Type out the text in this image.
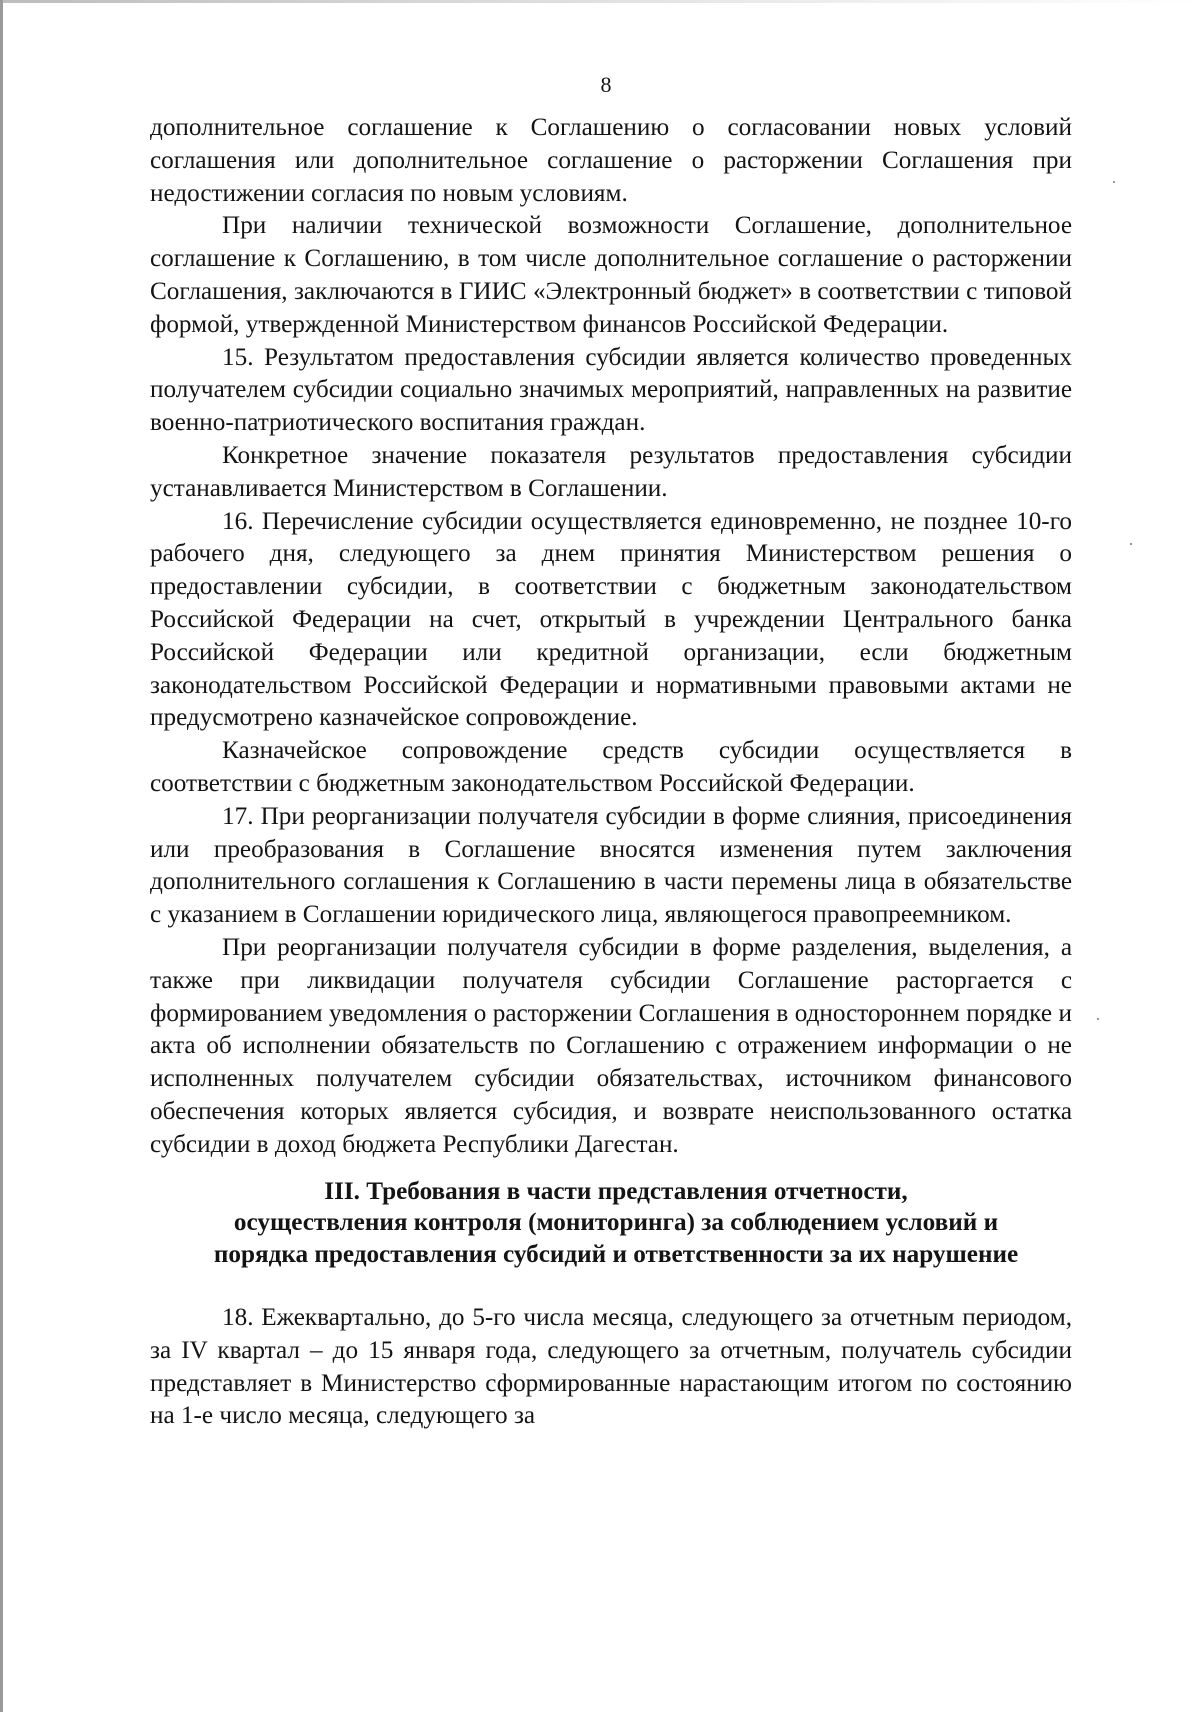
8

дополнительное соглашение к Соглашению о согласовании новых условий соглашения или дополнительное соглашение о расторжении Соглашения при недостижении согласия по новым условиям.

При наличии технической возможности Соглашение, дополнительное соглашение к Соглашению, в том числе дополнительное соглашение о расторжении Соглашения, заключаются в ГИИС «Электронный бюджет» в соответствии с типовой формой, утвержденной Министерством финансов Российской Федерации.

15. Результатом предоставления субсидии является количество проведенных получателем субсидии социально значимых мероприятий, направленных на развитие военно-патриотического воспитания граждан.

Конкретное значение показателя результатов предоставления субсидии устанавливается Министерством в Соглашении.

16. Перечисление субсидии осуществляется единовременно, не позднее 10-го рабочего дня, следующего за днем принятия Министерством решения о предоставлении субсидии, в соответствии с бюджетным законодательством Российской Федерации на счет, открытый в учреждении Центрального банка Российской Федерации или кредитной организации, если бюджетным законодательством Российской Федерации и нормативными правовыми актами не предусмотрено казначейское сопровождение.

Казначейское сопровождение средств субсидии осуществляется в соответствии с бюджетным законодательством Российской Федерации.

17. При реорганизации получателя субсидии в форме слияния, присоединения или преобразования в Соглашение вносятся изменения путем заключения дополнительного соглашения к Соглашению в части перемены лица в обязательстве с указанием в Соглашении юридического лица, являющегося правопреемником.

При реорганизации получателя субсидии в форме разделения, выделения, а также при ликвидации получателя субсидии Соглашение расторгается с формированием уведомления о расторжении Соглашения в одностороннем порядке и акта об исполнении обязательств по Соглашению с отражением информации о не исполненных получателем субсидии обязательствах, источником финансового обеспечения которых является субсидия, и возврате неиспользованного остатка субсидии в доход бюджета Республики Дагестан.

III. Требования в части представления отчетности,
осуществления контроля (мониторинга) за соблюдением условий и
порядка предоставления субсидий и ответственности за их нарушение

18. Ежеквартально, до 5-го числа месяца, следующего за отчетным периодом, за IV квартал – до 15 января года, следующего за отчетным, получатель субсидии представляет в Министерство сформированные нарастающим итогом по состоянию на 1-е число месяца, следующего за
